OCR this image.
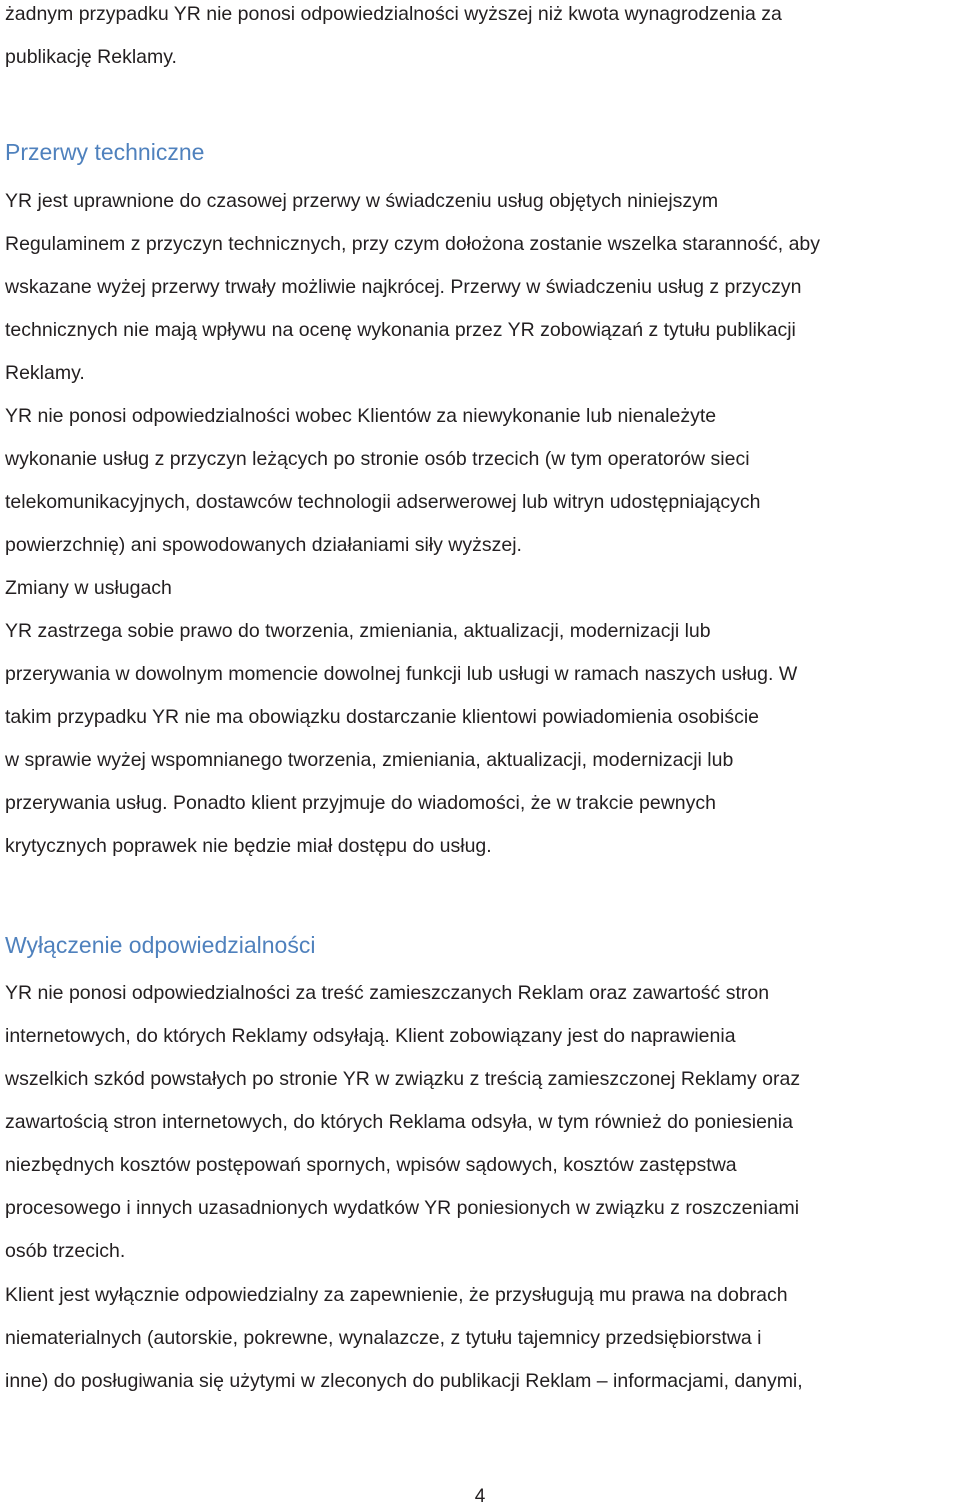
żadnym przypadku YR nie ponosi odpowiedzialności wyższej niż kwota wynagrodzenia za

publikację Reklamy.

Przerwy techniczne

YR jest uprawnione do czasowej przerwy w świadczeniu usług objętych niniejszym

Regulaminem z przyczyn technicznych, przy czym dołożona zostanie wszelka staranność, aby

wskazane wyżej przerwy trwały możliwie najkrócej. Przerwy w świadczeniu usług z przyczyn

technicznych nie mają wpływu na ocenę wykonania przez YR zobowiązań z tytułu publikacji

Reklamy.

YR nie ponosi odpowiedzialności wobec Klientów za niewykonanie lub nienależyte

wykonanie usług z przyczyn leżących po stronie osób trzecich (w tym operatorów sieci

telekomunikacyjnych, dostawców technologii adserwerowej lub witryn udostępniających

powierzchnię) ani spowodowanych działaniami siły wyższej.

Zmiany w usługach

YR zastrzega sobie prawo do tworzenia, zmieniania, aktualizacji, modernizacji lub

przerywania w dowolnym momencie dowolnej funkcji lub usługi w ramach naszych usług. W

takim przypadku YR nie ma obowiązku dostarczanie klientowi powiadomienia osobiście

w sprawie wyżej wspomnianego tworzenia, zmieniania, aktualizacji, modernizacji lub

przerywania usług. Ponadto klient przyjmuje do wiadomości, że w trakcie pewnych

krytycznych poprawek nie będzie miał dostępu do usług.

Wyłączenie odpowiedzialności

YR nie ponosi odpowiedzialności za treść zamieszczanych Reklam oraz zawartość stron

internetowych, do których Reklamy odsyłają. Klient zobowiązany jest do naprawienia

wszelkich szkód powstałych po stronie YR w związku z treścią zamieszczonej Reklamy oraz

zawartością stron internetowych, do których Reklama odsyła, w tym również do poniesienia

niezbędnych kosztów postępowań spornych, wpisów sądowych, kosztów zastępstwa

procesowego i innych uzasadnionych wydatków YR poniesionych w związku z roszczeniami

osób trzecich.

Klient jest wyłącznie odpowiedzialny za zapewnienie, że przysługują mu prawa na dobrach

niematerialnych (autorskie, pokrewne, wynalazcze, z tytułu tajemnicy przedsiębiorstwa i

inne) do posługiwania się użytymi w zleconych do publikacji Reklam – informacjami, danymi,

4
